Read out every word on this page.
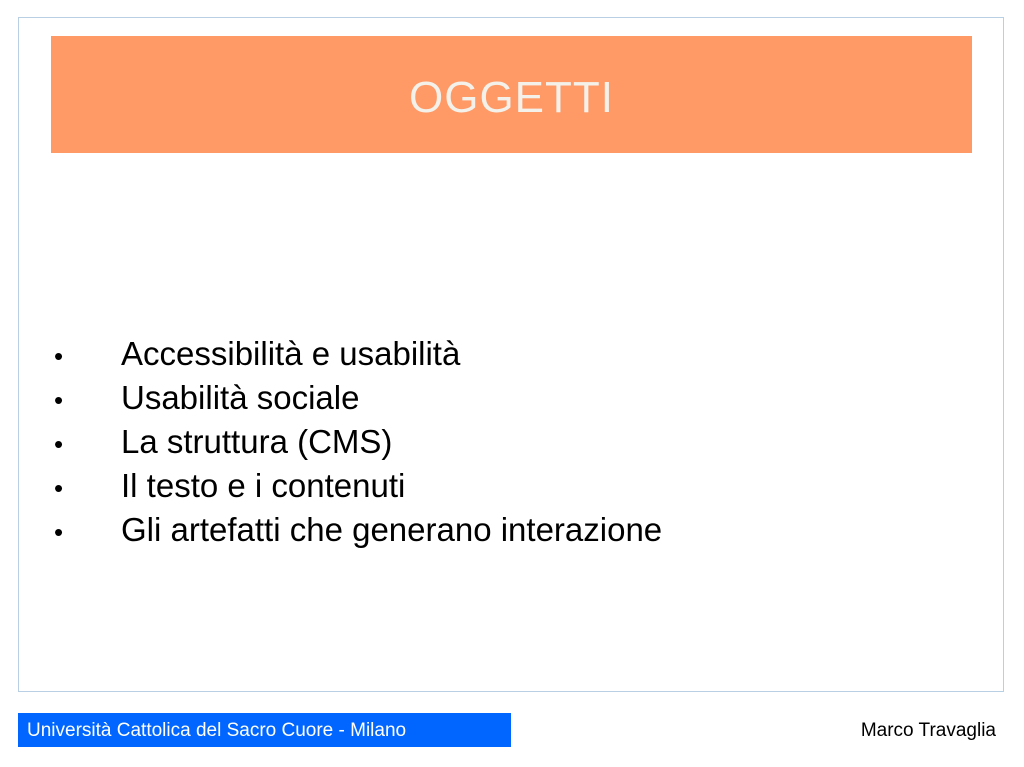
OGGETTI
•	Accessibilità e usabilità
•	Usabilità sociale
•	La struttura (CMS)
•	Il testo e i contenuti
•	Gli artefatti che generano interazione
Università Cattolica del Sacro Cuore - Milano	Marco Travaglia
